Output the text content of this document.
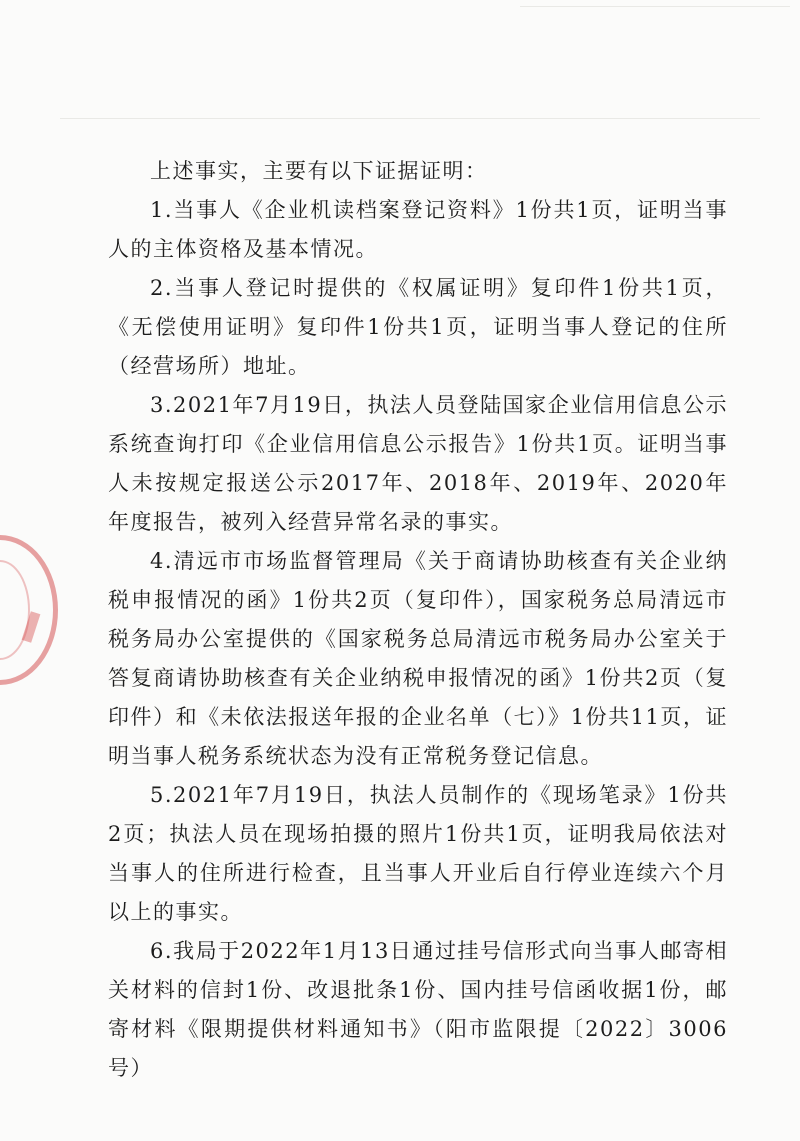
上述事实，主要有以下证据证明：

1.当事人《企业机读档案登记资料》1份共1页，证明当事人的主体资格及基本情况。

2.当事人登记时提供的《权属证明》复印件1份共1页，《无偿使用证明》复印件1份共1页，证明当事人登记的住所（经营场所）地址。

3.2021年7月19日，执法人员登陆国家企业信用信息公示系统查询打印《企业信用信息公示报告》1份共1页。证明当事人未按规定报送公示2017年、2018年、2019年、2020年年度报告，被列入经营异常名录的事实。

4.清远市市场监督管理局《关于商请协助核查有关企业纳税申报情况的函》1份共2页（复印件），国家税务总局清远市税务局办公室提供的《国家税务总局清远市税务局办公室关于答复商请协助核查有关企业纳税申报情况的函》1份共2页（复印件）和《未依法报送年报的企业名单（七）》1份共11页，证明当事人税务系统状态为没有正常税务登记信息。

5.2021年7月19日，执法人员制作的《现场笔录》1份共2页；执法人员在现场拍摄的照片1份共1页，证明我局依法对当事人的住所进行检查，且当事人开业后自行停业连续六个月以上的事实。

6.我局于2022年1月13日通过挂号信形式向当事人邮寄相关材料的信封1份、改退批条1份、国内挂号信函收据1份，邮寄材料《限期提供材料通知书》（阳市监限提〔2022〕3006号）
